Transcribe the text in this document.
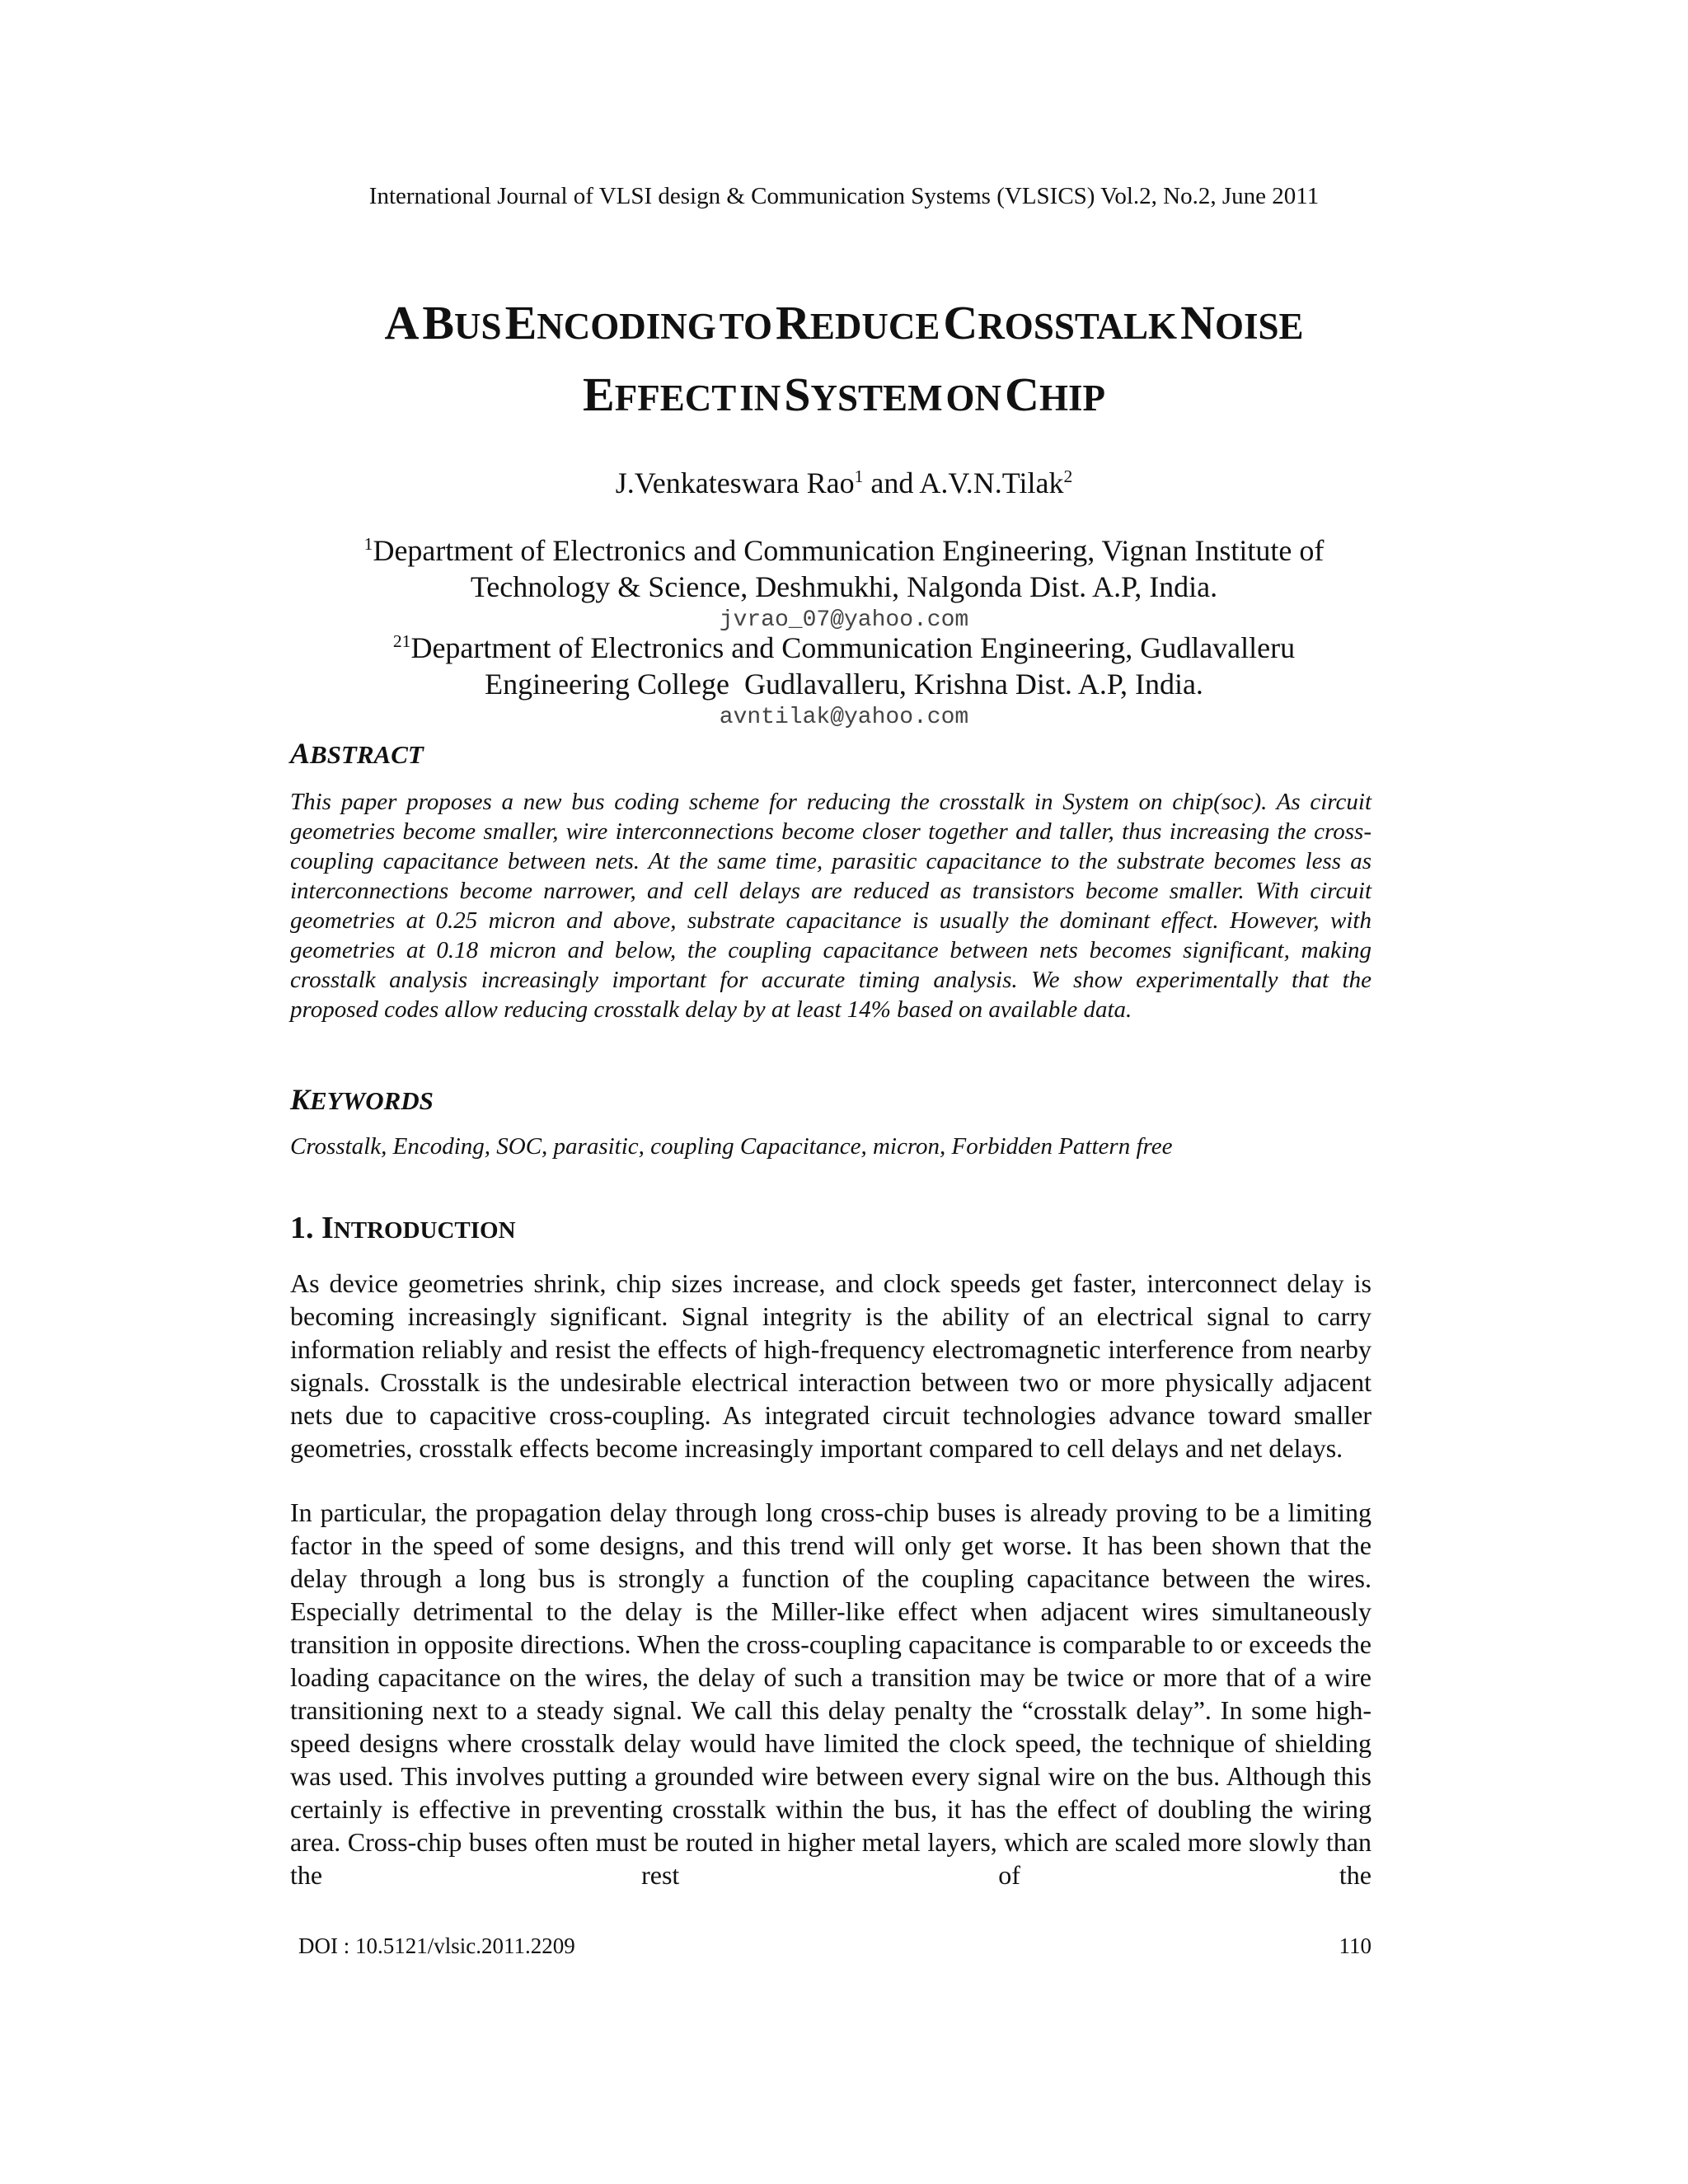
International Journal of VLSI design & Communication Systems (VLSICS) Vol.2, No.2, June 2011
A BUS ENCODING TO REDUCE CROSSTALK NOISE
EFFECT IN SYSTEM ON CHIP
J.Venkateswara Rao$^1$ and A.V.N.Tilak$^2$
$^1$Department of Electronics and Communication Engineering, Vignan Institute of
Technology & Science, Deshmukhi, Nalgonda Dist. A.P, India.
jvrao_07@yahoo.com
$^{21}$Department of Electronics and Communication Engineering, Gudlavalleru
Engineering College  Gudlavalleru, Krishna Dist. A.P, India.
avntilak@yahoo.com
ABSTRACT
This paper proposes a new bus coding scheme for reducing the crosstalk in System on chip(soc). As circuit geometries become smaller, wire interconnections become closer together and taller, thus increasing the cross-coupling capacitance between nets. At the same time, parasitic capacitance to the substrate becomes less as interconnections become narrower, and cell delays are reduced as transistors become smaller. With circuit geometries at 0.25 micron and above, substrate capacitance is usually the dominant effect. However, with geometries at 0.18 micron and below, the coupling capacitance between nets becomes significant, making crosstalk analysis increasingly important for accurate timing analysis. We show experimentally that the proposed codes allow reducing crosstalk delay by at least 14% based on available data.
KEYWORDS
Crosstalk, Encoding, SOC, parasitic, coupling Capacitance, micron, Forbidden Pattern free
1. INTRODUCTION
As device geometries shrink, chip sizes increase, and clock speeds get faster, interconnect delay is becoming increasingly significant. Signal integrity is the ability of an electrical signal to carry information reliably and resist the effects of high-frequency electromagnetic interference from nearby signals. Crosstalk is the undesirable electrical interaction between two or more physically adjacent nets due to capacitive cross-coupling. As integrated circuit technologies advance toward smaller geometries, crosstalk effects become increasingly important compared to cell delays and net delays.
In particular, the propagation delay through long cross-chip buses is already proving to be a limiting factor in the speed of some designs, and this trend will only get worse. It has been shown that the delay through a long bus is strongly a function of the coupling capacitance between the wires. Especially detrimental to the delay is the Miller-like effect when adjacent wires simultaneously transition in opposite directions. When the cross-coupling capacitance is comparable to or exceeds the loading capacitance on the wires, the delay of such a transition may be twice or more that of a wire transitioning next to a steady signal. We call this delay penalty the “crosstalk delay”. In some high-speed designs where crosstalk delay would have limited the clock speed, the technique of shielding was used. This involves putting a grounded wire between every signal wire on the bus. Although this certainly is effective in preventing crosstalk within the bus, it has the effect of doubling the wiring area. Cross-chip buses often must be routed in higher metal layers, which are scaled more slowly than the rest of the
DOI : 10.5121/vlsic.2011.2209	110
